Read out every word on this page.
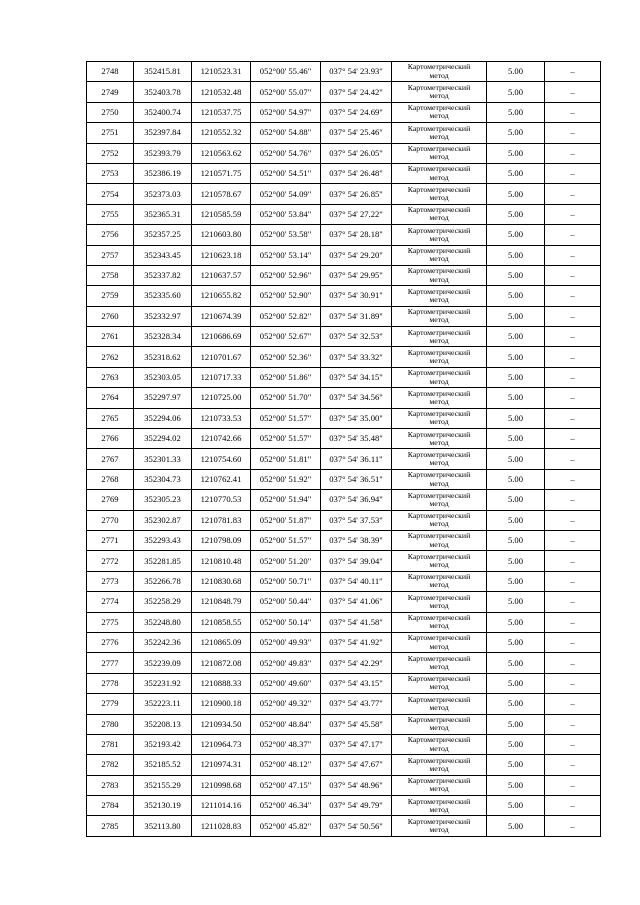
2748	352415.81	1210523.31	052°00' 55.46"	037° 54' 23.93"	Картометрический
метод	5.00	–
2749	352403.78	1210532.48	052°00' 55.07"	037° 54' 24.42"	Картометрический
метод	5.00	–
2750	352400.74	1210537.75	052°00' 54.97"	037° 54' 24.69"	Картометрический
метод	5.00	–
2751	352397.84	1210552.32	052°00' 54.88"	037° 54' 25.46"	Картометрический
метод	5.00	–
2752	352393.79	1210563.62	052°00' 54.76"	037° 54' 26.05"	Картометрический
метод	5.00	–
2753	352386.19	1210571.75	052°00' 54.51"	037° 54' 26.48"	Картометрический
метод	5.00	–
2754	352373.03	1210578.67	052°00' 54.09"	037° 54' 26.85"	Картометрический
метод	5.00	–
2755	352365.31	1210585.59	052°00' 53.84"	037° 54' 27.22"	Картометрический
метод	5.00	–
2756	352357.25	1210603.80	052°00' 53.58"	037° 54' 28.18"	Картометрический
метод	5.00	–
2757	352343.45	1210623.18	052°00' 53.14"	037° 54' 29.20"	Картометрический
метод	5.00	–
2758	352337.82	1210637.57	052°00' 52.96"	037° 54' 29.95"	Картометрический
метод	5.00	–
2759	352335.60	1210655.82	052°00' 52.90"	037° 54' 30.91"	Картометрический
метод	5.00	–
2760	352332.97	1210674.39	052°00' 52.82"	037° 54' 31.89"	Картометрический
метод	5.00	–
2761	352328.34	1210686.69	052°00' 52.67"	037° 54' 32.53"	Картометрический
метод	5.00	–
2762	352318.62	1210701.67	052°00' 52.36"	037° 54' 33.32"	Картометрический
метод	5.00	–
2763	352303.05	1210717.33	052°00' 51.86"	037° 54' 34.15"	Картометрический
метод	5.00	–
2764	352297.97	1210725.00	052°00' 51.70"	037° 54' 34.56"	Картометрический
метод	5.00	–
2765	352294.06	1210733.53	052°00' 51.57"	037° 54' 35.00"	Картометрический
метод	5.00	–
2766	352294.02	1210742.66	052°00' 51.57"	037° 54' 35.48"	Картометрический
метод	5.00	–
2767	352301.33	1210754.60	052°00' 51.81"	037° 54' 36.11"	Картометрический
метод	5.00	–
2768	352304.73	1210762.41	052°00' 51.92"	037° 54' 36.51"	Картометрический
метод	5.00	–
2769	352305.23	1210770.53	052°00' 51.94"	037° 54' 36.94"	Картометрический
метод	5.00	–
2770	352302.87	1210781.83	052°00' 51.87"	037° 54' 37.53"	Картометрический
метод	5.00	–
2771	352293.43	1210798.09	052°00' 51.57"	037° 54' 38.39"	Картометрический
метод	5.00	–
2772	352281.85	1210810.48	052°00' 51.20"	037° 54' 39.04"	Картометрический
метод	5.00	–
2773	352266.78	1210830.68	052°00' 50.71"	037° 54' 40.11"	Картометрический
метод	5.00	–
2774	352258.29	1210848.79	052°00' 50.44"	037° 54' 41.06"	Картометрический
метод	5.00	–
2775	352248.80	1210858.55	052°00' 50.14"	037° 54' 41.58"	Картометрический
метод	5.00	–
2776	352242.36	1210865.09	052°00' 49.93"	037° 54' 41.92"	Картометрический
метод	5.00	–
2777	352239.09	1210872.08	052°00' 49.83"	037° 54' 42.29"	Картометрический
метод	5.00	–
2778	352231.92	1210888.33	052°00' 49.60"	037° 54' 43.15"	Картометрический
метод	5.00	–
2779	352223.11	1210900.18	052°00' 49.32"	037° 54' 43.77"	Картометрический
метод	5.00	–
2780	352208.13	1210934.50	052°00' 48.84"	037° 54' 45.58"	Картометрический
метод	5.00	–
2781	352193.42	1210964.73	052°00' 48.37"	037° 54' 47.17"	Картометрический
метод	5.00	–
2782	352185.52	1210974.31	052°00' 48.12"	037° 54' 47.67"	Картометрический
метод	5.00	–
2783	352155.29	1210998.68	052°00' 47.15"	037° 54' 48.96"	Картометрический
метод	5.00	–
2784	352130.19	1211014.16	052°00' 46.34"	037° 54' 49.79"	Картометрический
метод	5.00	–
2785	352113.80	1211028.83	052°00' 45.82"	037° 54' 50.56"	Картометрический
метод	5.00	–
